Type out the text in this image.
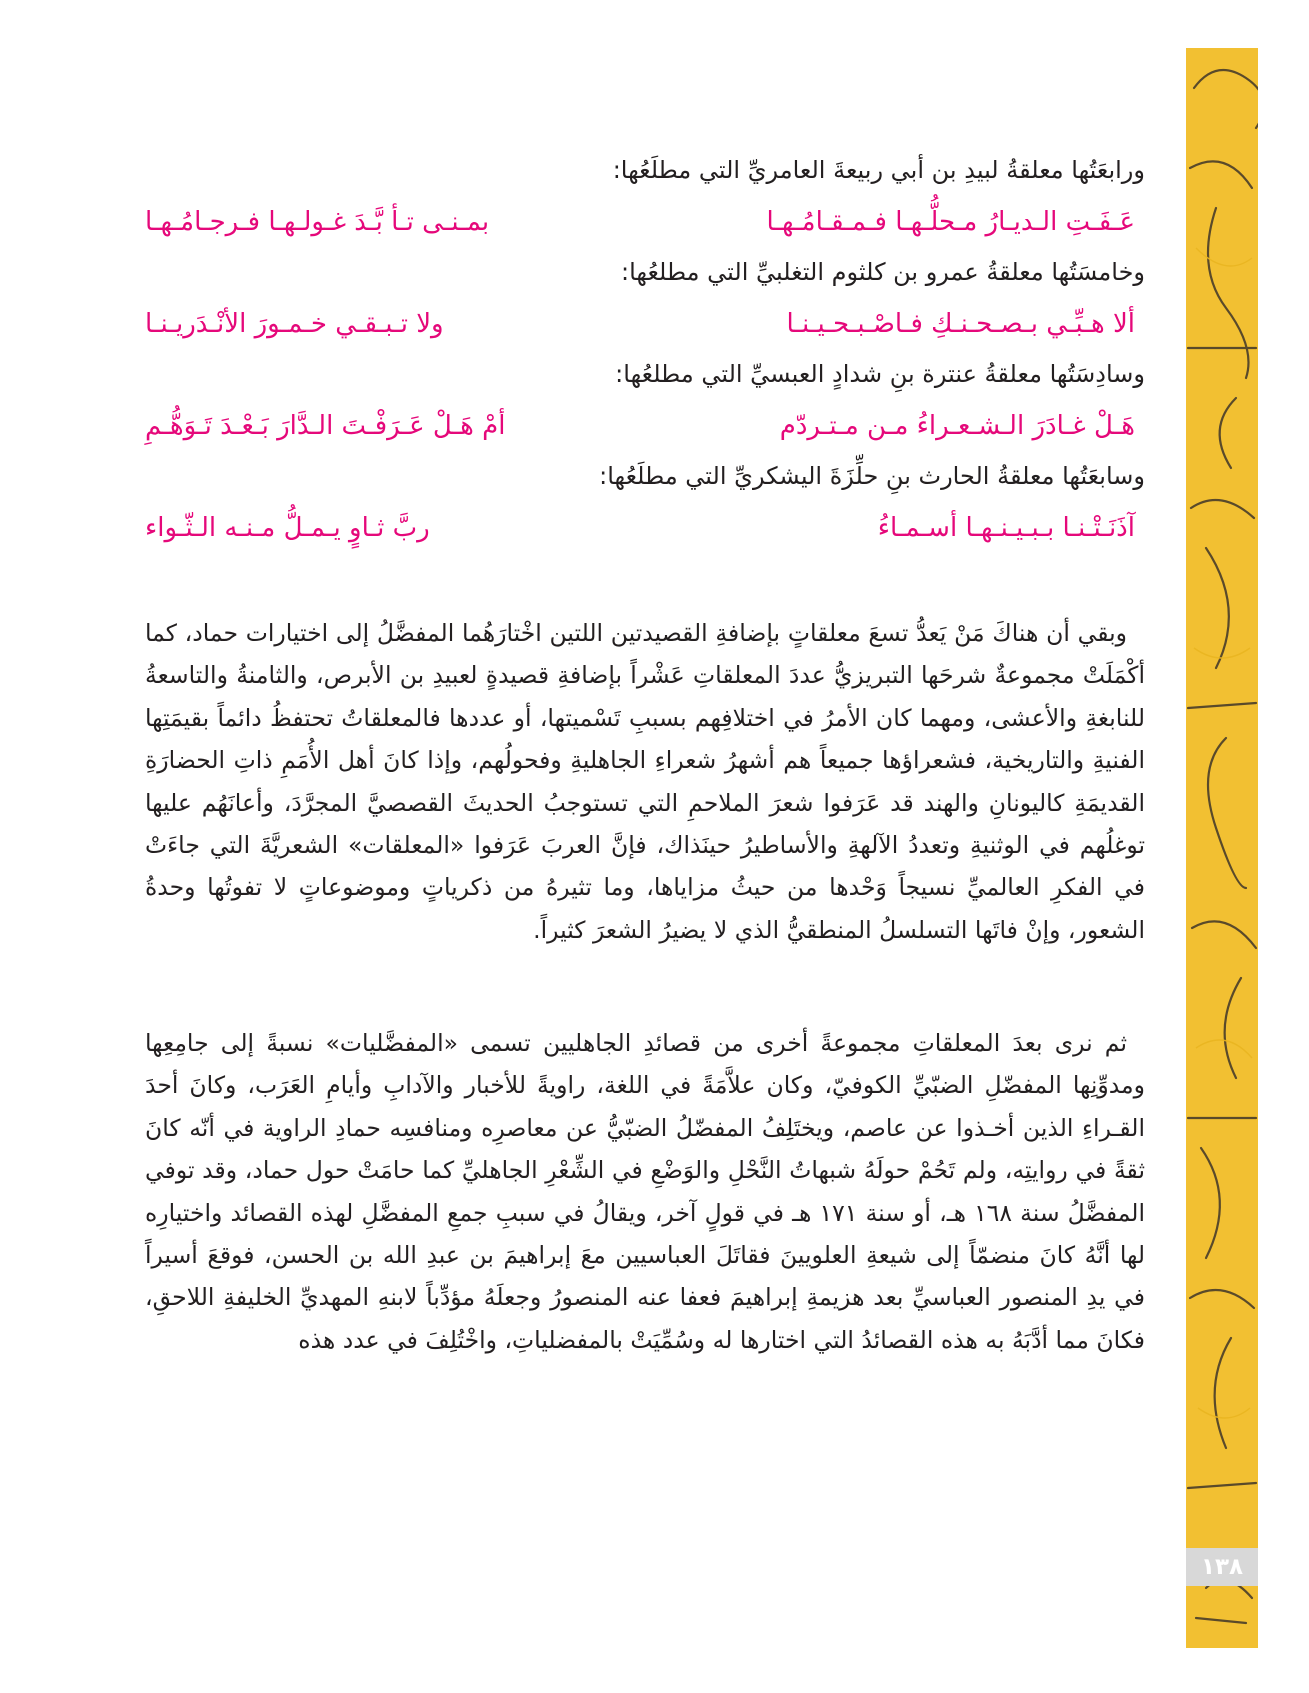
ورابعَتُها معلقةُ لبيدِ بن أبي ربيعةَ العامريِّ التي مطلَعُها:
عَـفَـتِ الـديـارُ مـحلُّـهـا فـمـقـامُـهـا
بمـنـى تـأ بَّـدَ غـولـهـا فـرجـامُـهـا
وخامسَتُها معلقةُ عمرو بن كلثوم التغلبيِّ التي مطلعُها:
ألا هـبِّـي بـصـحـنـكِ فـاصْـبـحـيـنـا
ولا تـبـقـي خـمـورَ الأنْـدَريـنـا
وسادِسَتُها معلقةُ عنترة بنِ شدادٍ العبسيِّ التي مطلعُها:
هَـلْ غـادَرَ الـشـعـراءُ مـن مـتـردّم
أمْ هَـلْ عَـرَفْـتَ الـدَّارَ بَـعْـدَ تَـوَهُّـمِ
وسابعَتُها معلقةُ الحارث بنِ حلِّزَةَ اليشكريِّ التي مطلَعُها:
آذَنَـتْـنـا بـبـيـنـهـا أسـمـاءُ
ربَّ ثـاوٍ يـمـلُّ مـنـه الـثّـواء

وبقي أن هناكَ مَنْ يَعدُّ تسعَ معلقاتٍ بإضافةِ القصيدتين اللتين اخْتارَهُما المفضَّلُ إلى اختيارات حماد، كما أكْمَلَتْ مجموعةٌ شرحَها التبريزيُّ عددَ المعلقاتِ عَشْراً بإضافةِ قصيدةٍ لعبيدِ بن الأبرص، والثامنةُ والتاسعةُ للنابغةِ والأعشى، ومهما كان الأمرُ في اختلافِهم بسببِ تَسْميتها، أو عددها فالمعلقاتُ تحتفظُ دائماً بقيمَتِها الفنيةِ والتاريخية، فشعراؤها جميعاً هم أشهرُ شعراءِ الجاهليةِ وفحولُهم، وإذا كانَ أهل الأُمَمِ ذاتِ الحضارَةِ القديمَةِ كاليونانِ والهند قد عَرَفوا شعرَ الملاحمِ التي تستوجبُ الحديثَ القصصيَّ المجرَّدَ، وأعانَهُم عليها توغلُهم في الوثنيةِ وتعددُ الآلهةِ والأساطيرُ حينَذاك، فإنَّ العربَ عَرَفوا «المعلقات» الشعريَّةَ التي جاءَتْ في الفكرِ العالميِّ نسيجاً وَحْدها من حيثُ مزاياها، وما تثيرهُ من ذكرياتٍ وموضوعاتٍ لا تفوتُها وحدةُ الشعور، وإنْ فاتَها التسلسلُ المنطقيُّ الذي لا يضيرُ الشعرَ كثيراً.

ثم نرى بعدَ المعلقاتِ مجموعةً أخرى من قصائدِ الجاهليين تسمى «المفضَّليات» نسبةً إلى جامِعِها ومدوِّنِها المفضّلِ الضبّيِّ الكوفيّ، وكان علاَّمَةً في اللغة، راويةً للأخبار والآدابِ وأيامِ العَرَب، وكانَ أحدَ القـراءِ الذين أخـذوا عن عاصم، ويختَلِفُ المفضّلُ الضبّيُّ عن معاصرِه ومنافسِه حمادِ الراوية في أنّه كانَ ثقةً في روايتِه، ولم تَحُمْ حولَهُ شبهاتُ النَّحْلِ والوَضْعِ في الشِّعْرِ الجاهليِّ كما حامَتْ حول حماد، وقد توفي المفضَّلُ سنة ١٦٨ هـ، أو سنة ١٧١ هـ في قولٍ آخر، ويقالُ في سببِ جمعِ المفضَّلِ لهذه القصائد واختيارِه لها أنَّهُ كانَ منضمّاً إلى شيعةِ العلويينَ فقاتَلَ العباسيين معَ إبراهيمَ بن عبدِ الله بن الحسن، فوقعَ أسيراً في يدِ المنصور العباسيِّ بعد هزيمةِ إبراهيمَ فعفا عنه المنصورُ وجعلَهُ مؤدِّباً لابنهِ المهديِّ الخليفةِ اللاحقِ، فكانَ مما أدَّبَهُ به هذه القصائدُ التي اختارها له وسُمِّيَتْ بالمفضلياتِ، واخْتُلِفَ في عدد هذه

١٣٨
